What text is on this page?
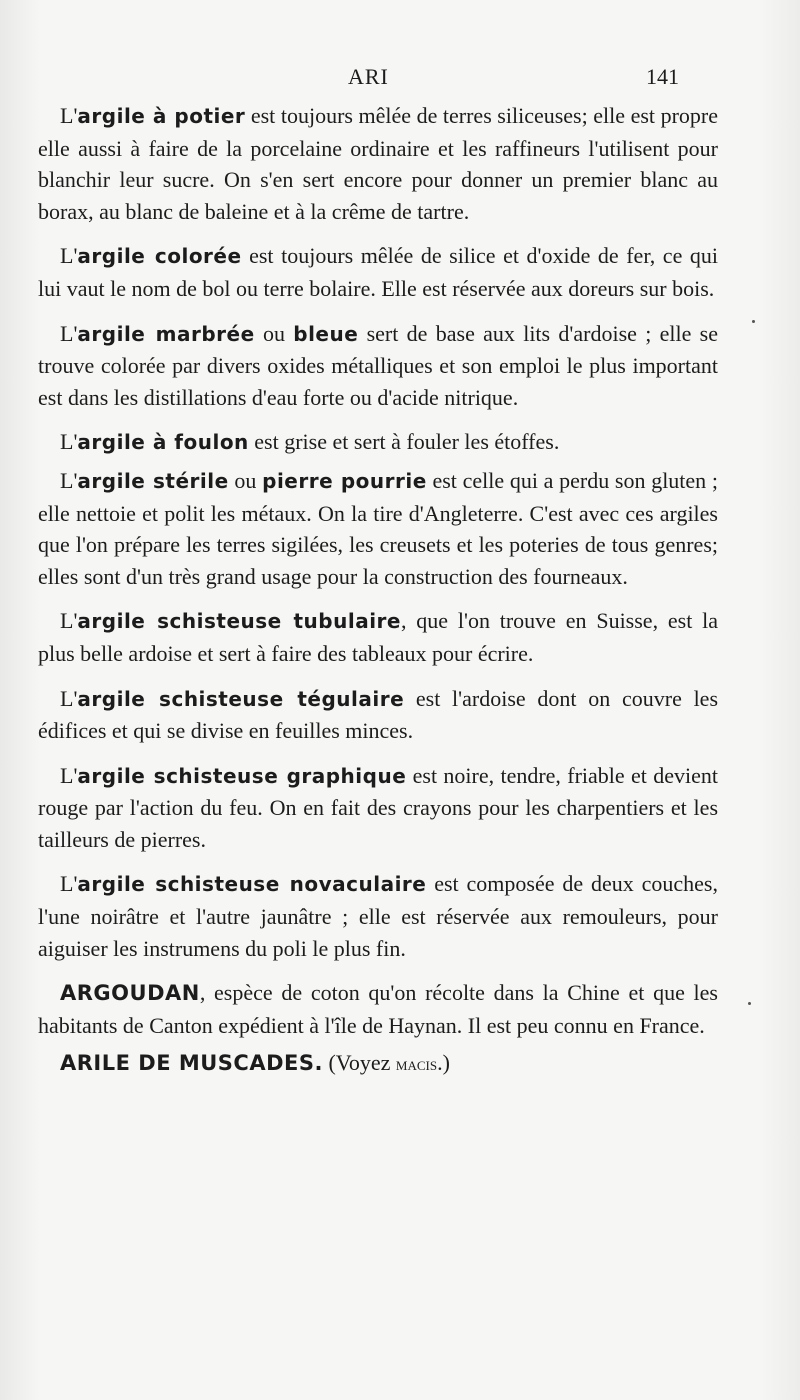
ARI	141

L'argile à potier est toujours mêlée de terres siliceuses; elle est propre elle aussi à faire de la porcelaine ordinaire et les raffineurs l'utilisent pour blanchir leur sucre. On s'en sert encore pour donner un premier blanc au borax, au blanc de baleine et à la crême de tartre.

L'argile colorée est toujours mêlée de silice et d'oxide de fer, ce qui lui vaut le nom de bol ou terre bolaire. Elle est réservée aux doreurs sur bois.

L'argile marbrée ou bleue sert de base aux lits d'ardoise ; elle se trouve colorée par divers oxides métalliques et son emploi le plus important est dans les distillations d'eau forte ou d'acide nitrique.

L'argile à foulon est grise et sert à fouler les étoffes.

L'argile stérile ou pierre pourrie est celle qui a perdu son gluten ; elle nettoie et polit les métaux. On la tire d'Angleterre. C'est avec ces argiles que l'on prépare les terres sigilées, les creusets et les poteries de tous genres; elles sont d'un très grand usage pour la construction des fourneaux.

L'argile schisteuse tubulaire, que l'on trouve en Suisse, est la plus belle ardoise et sert à faire des tableaux pour écrire.

L'argile schisteuse tégulaire est l'ardoise dont on couvre les édifices et qui se divise en feuilles minces.

L'argile schisteuse graphique est noire, tendre, friable et devient rouge par l'action du feu. On en fait des crayons pour les charpentiers et les tailleurs de pierres.

L'argile schisteuse novaculaire est composée de deux couches, l'une noirâtre et l'autre jaunâtre ; elle est réservée aux remouleurs, pour aiguiser les instrumens du poli le plus fin.

ARGOUDAN, espèce de coton qu'on récolte dans la Chine et que les habitants de Canton expédient à l'île de Haynan. Il est peu connu en France.

ARILE DE MUSCADES. (Voyez macis.)
